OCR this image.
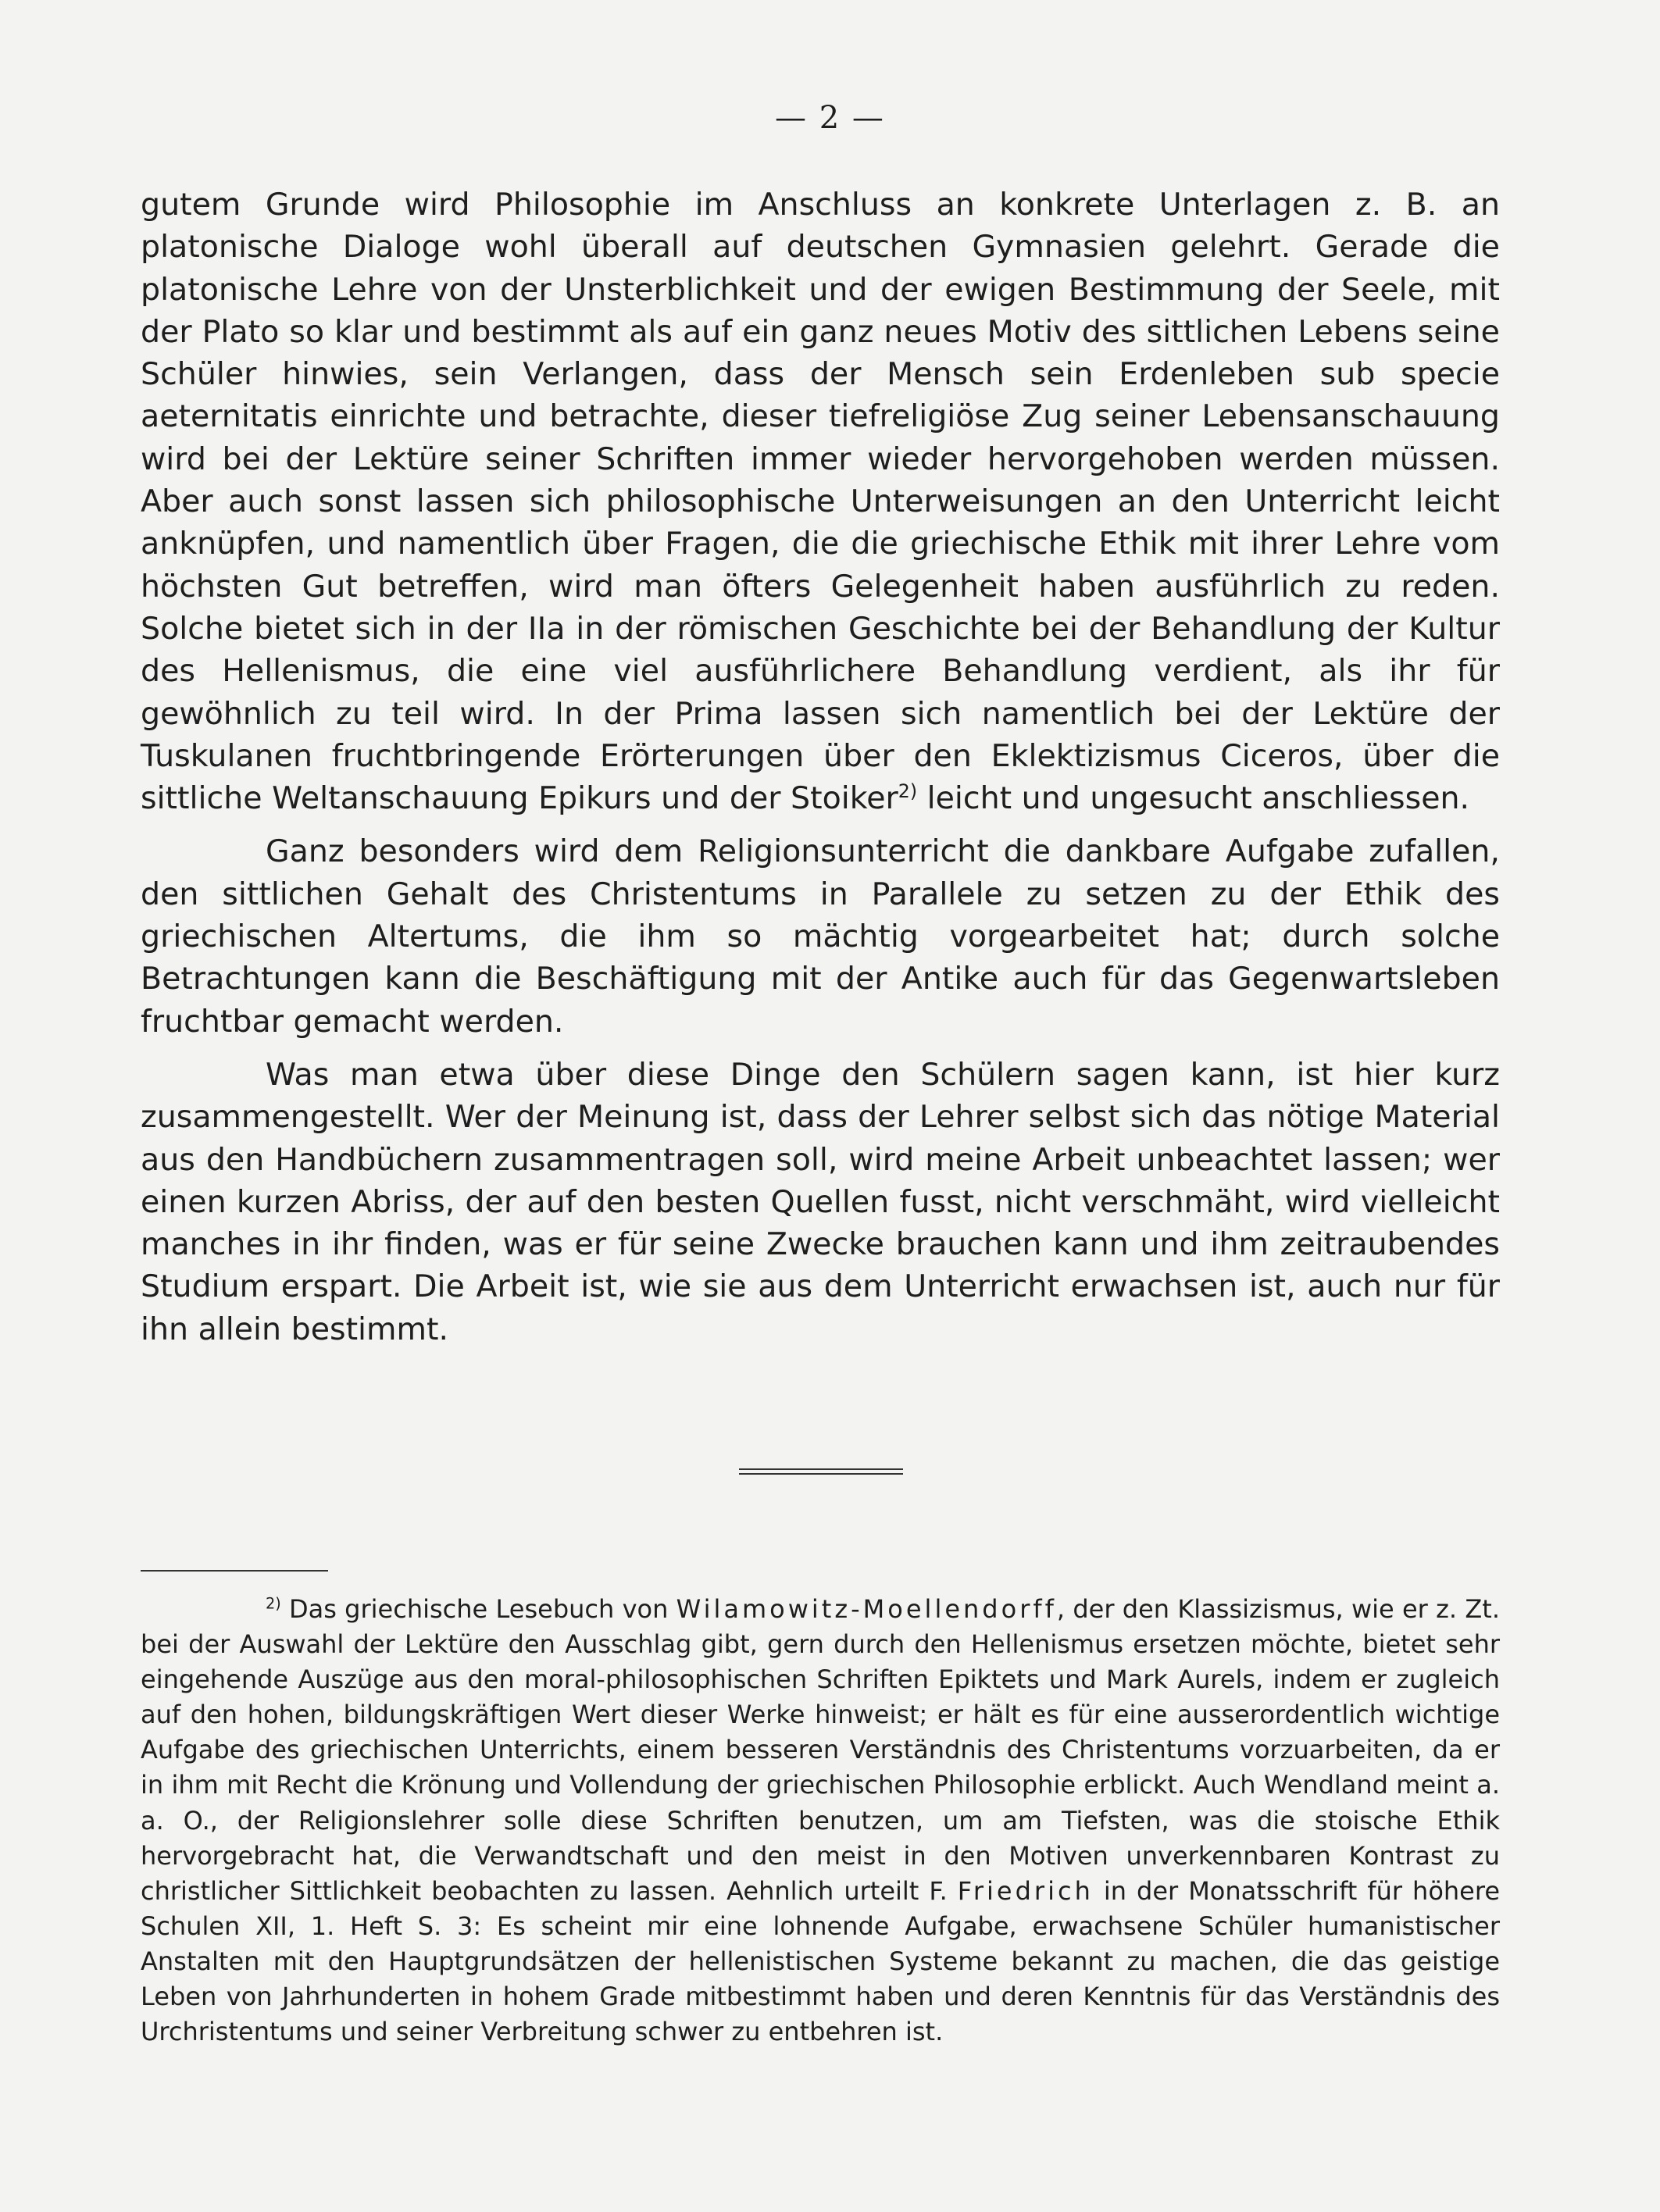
— 2 —

gutem Grunde wird Philosophie im Anschluss an konkrete Unterlagen z. B. an platonische Dialoge wohl überall auf deutschen Gymnasien gelehrt. Gerade die platonische Lehre von der Unsterblichkeit und der ewigen Bestimmung der Seele, mit der Plato so klar und bestimmt als auf ein ganz neues Motiv des sittlichen Lebens seine Schüler hinwies, sein Verlangen, dass der Mensch sein Erdenleben sub specie aeternitatis einrichte und betrachte, dieser tiefreligiöse Zug seiner Lebensanschauung wird bei der Lektüre seiner Schriften immer wieder hervorgehoben werden müssen. Aber auch sonst lassen sich philosophische Unterweisungen an den Unterricht leicht anknüpfen, und namentlich über Fragen, die die griechische Ethik mit ihrer Lehre vom höchsten Gut betreffen, wird man öfters Gelegenheit haben ausführlich zu reden. Solche bietet sich in der IIa in der römischen Geschichte bei der Behandlung der Kultur des Hellenismus, die eine viel ausführlichere Behandlung verdient, als ihr für gewöhnlich zu teil wird. In der Prima lassen sich namentlich bei der Lektüre der Tuskulanen fruchtbringende Erörterungen über den Eklektizismus Ciceros, über die sittliche Weltanschauung Epikurs und der Stoiker$^{2)}$ leicht und ungesucht anschliessen.

Ganz besonders wird dem Religionsunterricht die dankbare Aufgabe zufallen, den sittlichen Gehalt des Christentums in Parallele zu setzen zu der Ethik des griechischen Altertums, die ihm so mächtig vorgearbeitet hat; durch solche Betrachtungen kann die Beschäftigung mit der Antike auch für das Gegenwartsleben fruchtbar gemacht werden.

Was man etwa über diese Dinge den Schülern sagen kann, ist hier kurz zusammengestellt. Wer der Meinung ist, dass der Lehrer selbst sich das nötige Material aus den Handbüchern zusammentragen soll, wird meine Arbeit unbeachtet lassen; wer einen kurzen Abriss, der auf den besten Quellen fusst, nicht verschmäht, wird vielleicht manches in ihr finden, was er für seine Zwecke brauchen kann und ihm zeitraubendes Studium erspart. Die Arbeit ist, wie sie aus dem Unterricht erwachsen ist, auch nur für ihn allein bestimmt.

$^{2)}$ Das griechische Lesebuch von Wilamowitz-Moellendorff, der den Klassizismus, wie er z. Zt. bei der Auswahl der Lektüre den Ausschlag gibt, gern durch den Hellenismus ersetzen möchte, bietet sehr eingehende Auszüge aus den moral-philosophischen Schriften Epiktets und Mark Aurels, indem er zugleich auf den hohen, bildungskräftigen Wert dieser Werke hinweist; er hält es für eine ausserordentlich wichtige Aufgabe des griechischen Unterrichts, einem besseren Verständnis des Christentums vorzuarbeiten, da er in ihm mit Recht die Krönung und Vollendung der griechischen Philosophie erblickt. Auch Wendland meint a. a. O., der Religionslehrer solle diese Schriften benutzen, um am Tiefsten, was die stoische Ethik hervorgebracht hat, die Verwandtschaft und den meist in den Motiven unverkennbaren Kontrast zu christlicher Sittlichkeit beobachten zu lassen. Aehnlich urteilt F. Friedrich in der Monatsschrift für höhere Schulen XII, 1. Heft S. 3: Es scheint mir eine lohnende Aufgabe, erwachsene Schüler humanistischer Anstalten mit den Hauptgrundsätzen der hellenistischen Systeme bekannt zu machen, die das geistige Leben von Jahrhunderten in hohem Grade mitbestimmt haben und deren Kenntnis für das Verständnis des Urchristentums und seiner Verbreitung schwer zu entbehren ist.
